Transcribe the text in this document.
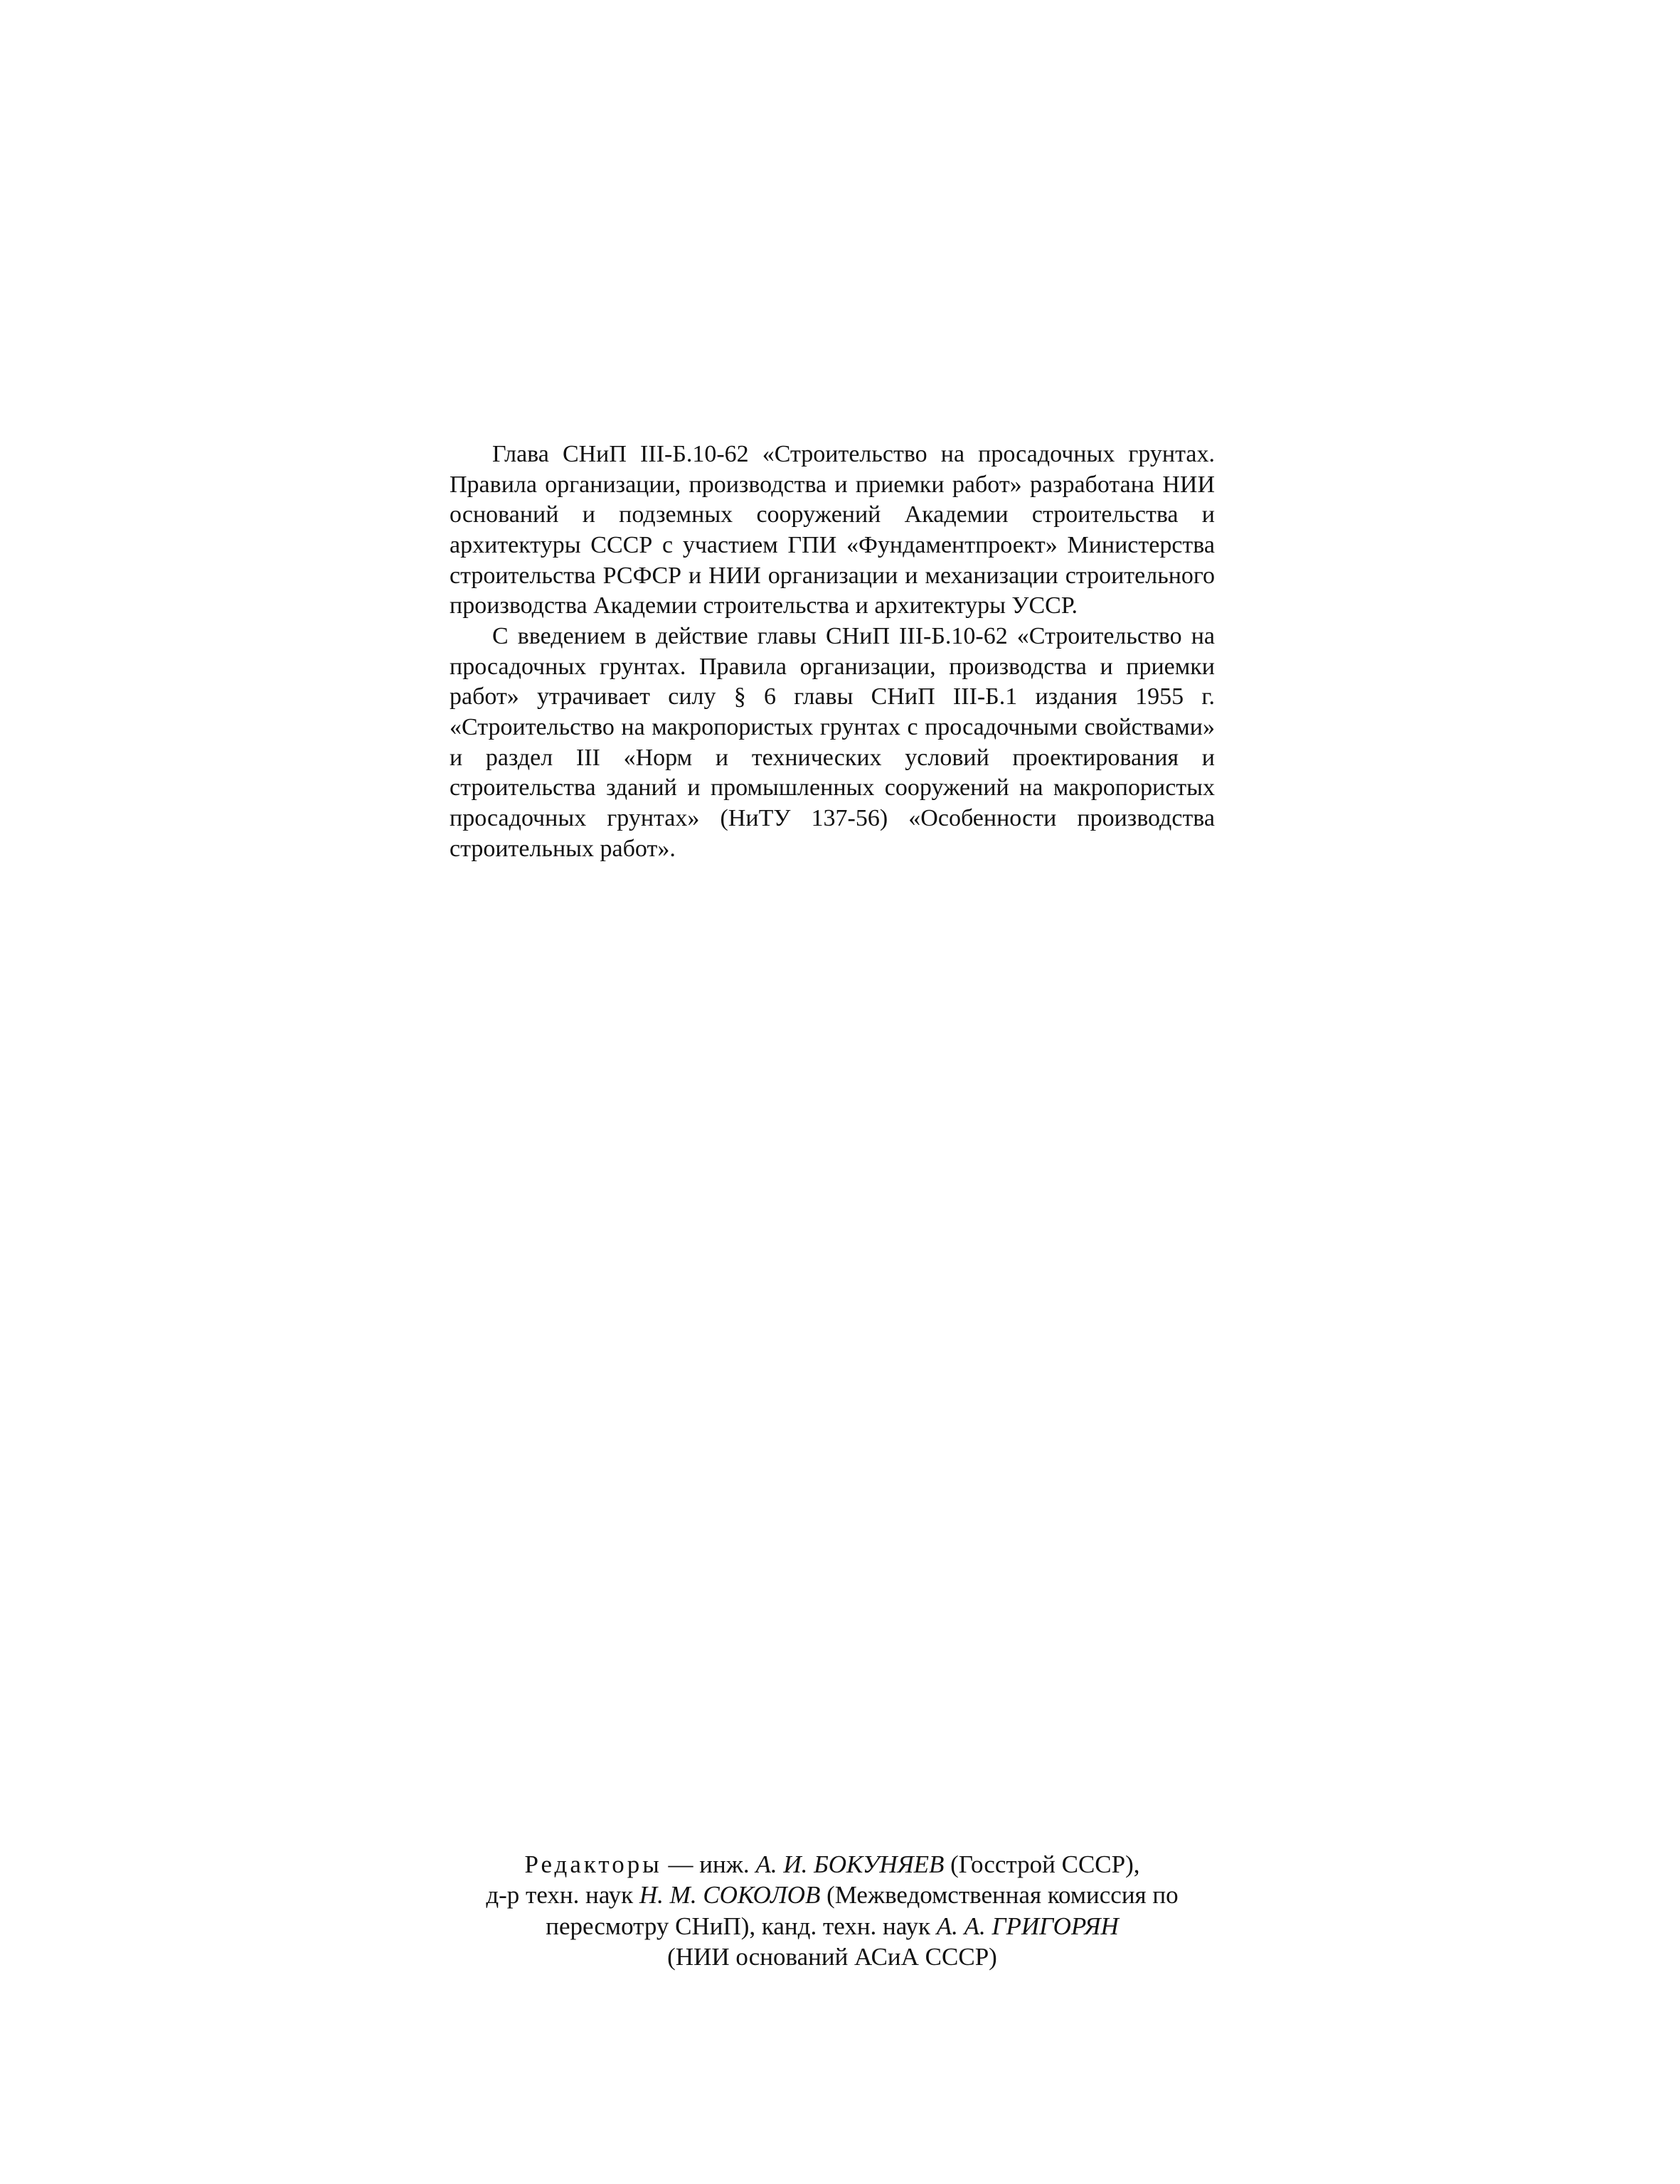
Глава СНиП III-Б.10-62 «Строительство на просадочных грунтах. Правила организации, производства и приемки работ» разработана НИИ оснований и подземных сооружений Академии строительства и архитектуры СССР с участием ГПИ «Фундаментпроект» Министерства строительства РСФСР и НИИ организации и механизации строительного производства Академии строительства и архитектуры УССР.

С введением в действие главы СНиП III-Б.10-62 «Строительство на просадочных грунтах. Правила организации, производства и приемки работ» утрачивает силу § 6 главы СНиП III-Б.1 издания 1955 г. «Строительство на макропористых грунтах с просадочными свойствами» и раздел III «Норм и технических условий проектирования и строительства зданий и промышленных сооружений на макропористых просадочных грунтах» (НиТУ 137-56) «Особенности производства строительных работ».

Редакторы — инж. А. И. БОКУНЯЕВ (Госстрой СССР),
д-р техн. наук Н. М. СОКОЛОВ (Межведомственная комиссия по пересмотру СНиП), канд. техн. наук А. А. ГРИГОРЯН
(НИИ оснований АСиА СССР)
